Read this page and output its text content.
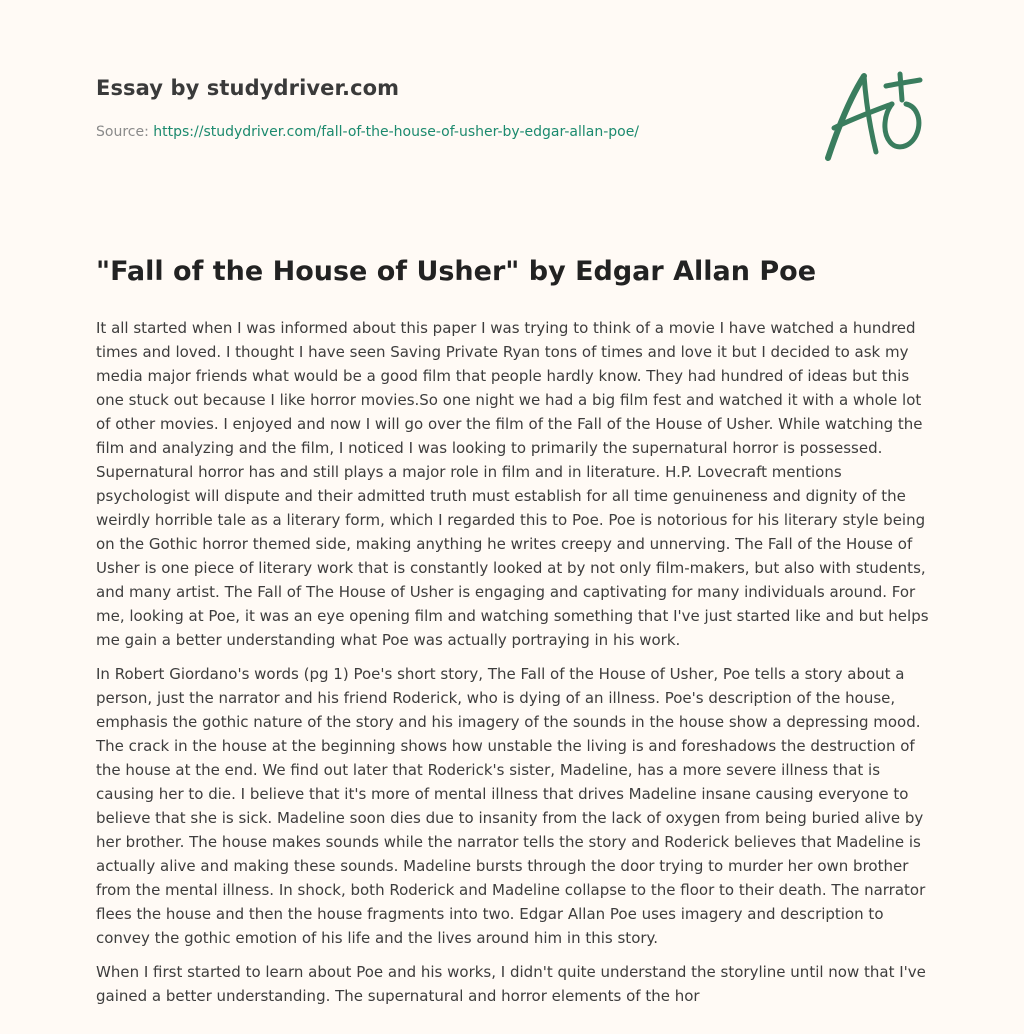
Essay by studydriver.com
Source: https://studydriver.com/fall-of-the-house-of-usher-by-edgar-allan-poe/
"Fall of the House of Usher" by Edgar Allan Poe

It all started when I was informed about this paper I was trying to think of a movie I have watched a hundred times and loved. I thought I have seen Saving Private Ryan tons of times and love it but I decided to ask my media major friends what would be a good film that people hardly know. They had hundred of ideas but this one stuck out because I like horror movies.So one night we had a big film fest and watched it with a whole lot of other movies. I enjoyed and now I will go over the film of the Fall of the House of Usher. While watching the film and analyzing and the film, I noticed I was looking to primarily the supernatural horror is possessed. Supernatural horror has and still plays a major role in film and in literature. H.P. Lovecraft mentions psychologist will dispute and their admitted truth must establish for all time genuineness and dignity of the weirdly horrible tale as a literary form, which I regarded this to Poe. Poe is notorious for his literary style being on the Gothic horror themed side, making anything he writes creepy and unnerving. The Fall of the House of Usher is one piece of literary work that is constantly looked at by not only film-makers, but also with students, and many artist. The Fall of The House of Usher is engaging and captivating for many individuals around. For me, looking at Poe, it was an eye opening film and watching something that I've just started like and but helps me gain a better understanding what Poe was actually portraying in his work.

In Robert Giordano's words (pg 1) Poe's short story, The Fall of the House of Usher, Poe tells a story about a person, just the narrator and his friend Roderick, who is dying of an illness. Poe's description of the house, emphasis the gothic nature of the story and his imagery of the sounds in the house show a depressing mood. The crack in the house at the beginning shows how unstable the living is and foreshadows the destruction of the house at the end. We find out later that Roderick's sister, Madeline, has a more severe illness that is causing her to die. I believe that it's more of mental illness that drives Madeline insane causing everyone to believe that she is sick. Madeline soon dies due to insanity from the lack of oxygen from being buried alive by her brother. The house makes sounds while the narrator tells the story and Roderick believes that Madeline is actually alive and making these sounds. Madeline bursts through the door trying to murder her own brother from the mental illness. In shock, both Roderick and Madeline collapse to the floor to their death. The narrator flees the house and then the house fragments into two. Edgar Allan Poe uses imagery and description to convey the gothic emotion of his life and the lives around him in this story.

When I first started to learn about Poe and his works, I didn't quite understand the storyline until now that I've gained a better understanding. The supernatural and horror elements of the hor
